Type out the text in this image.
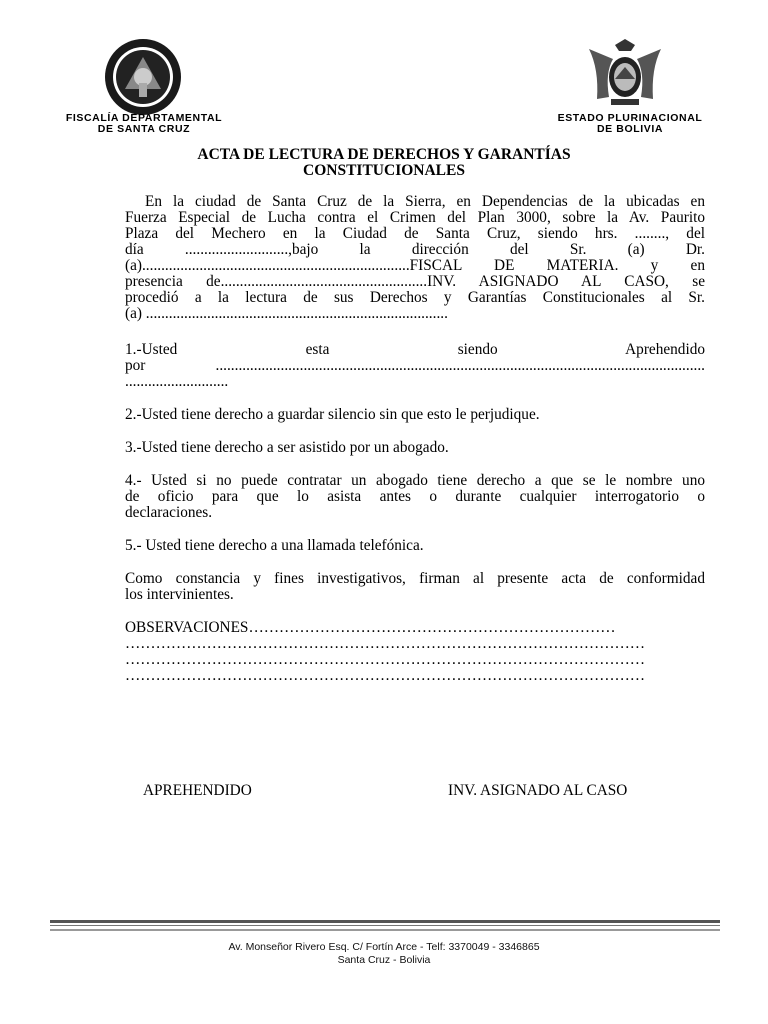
FISCALÍA DEPARTAMENTAL
DE SANTA CRUZ
ESTADO PLURINACIONAL
DE BOLIVIA
ACTA DE LECTURA DE DERECHOS Y GARANTÍAS
CONSTITUCIONALES
En la ciudad de Santa Cruz de la Sierra, en Dependencias de la ubicadas en
Fuerza Especial de Lucha contra el Crimen del Plan 3000, sobre la Av. Paurito
Plaza del Mechero en la Ciudad de Santa Cruz, siendo hrs. ........, del
día ...........................,bajo la dirección del Sr. (a) Dr.
(a)......................................................................FISCAL DE MATERIA. y en
presencia de......................................................INV. ASIGNADO AL CASO, se
procedió a la lectura de sus Derechos y Garantías Constitucionales al Sr.
(a) ...............................................................................
1.-Usted esta siendo Aprehendido
por ................................................................................................................................
...........................
2.-Usted tiene derecho a guardar silencio sin que esto le perjudique.
3.-Usted tiene derecho a ser asistido por un abogado.
4.- Usted si no puede contratar un abogado tiene derecho a que se le nombre uno
de oficio para que lo asista antes o durante cualquier interrogatorio o
declaraciones.
5.- Usted tiene derecho a una llamada telefónica.
Como constancia y fines investigativos, firman al presente acta de conformidad
los intervinientes.
OBSERVACIONES………………………………………………………………
…………………………………………………………………………………………
…………………………………………………………………………………………
…………………………………………………………………………………………
APREHENDIDO	INV. ASIGNADO AL CASO
Av. Monseñor Rivero Esq. C/ Fortín Arce - Telf: 3370049 - 3346865
Santa Cruz - Bolivia
